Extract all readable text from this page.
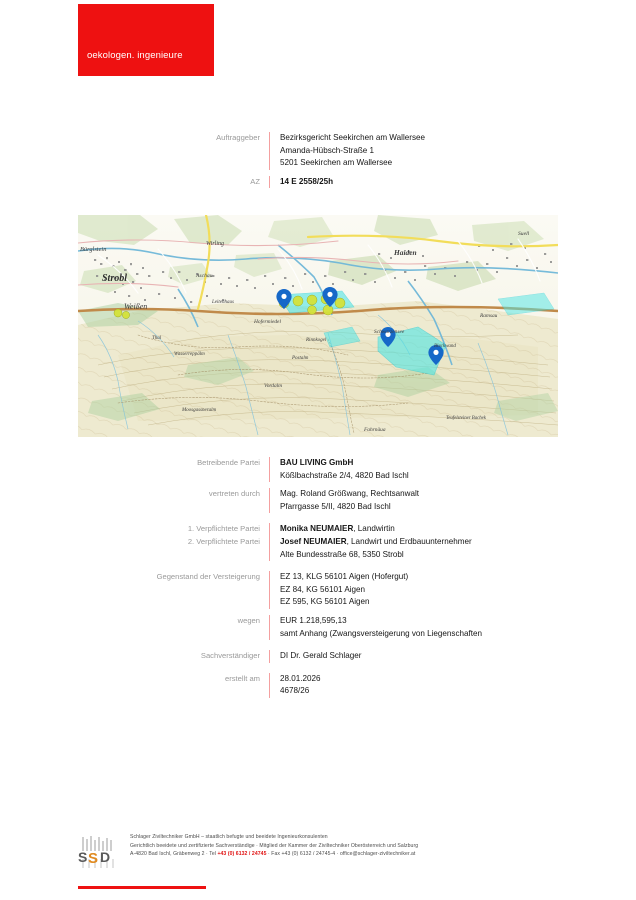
oekologen. ingenieure
Auftraggeber	Bezirksgericht Seekirchen am Wallersee
Amanda-Hübsch-Straße 1
5201 Seekirchen am Wallersee

AZ	14 E 2558/25h
Strobl
Weißen
Bürglstein
Wirling
Haiden
Aschau
Suell
Hofermiedel
Schwarzensee
Vordalm
Rinnkogel
Fahrnäua
Postalm
Bleckwand
Moosgassneralm
Wasserreppälm
Thal
Ramsau
Leitenhaus
Teufelsteiner Bachek
Betreibende Partei	BAU LIVING GmbH
Kößlbachstraße 2/4, 4820 Bad Ischl

vertreten durch	Mag. Roland Größwang, Rechtsanwalt
Pfarrgasse 5/II, 4820 Bad Ischl

1. Verpflichtete Partei	Monika NEUMAIER, Landwirtin

2. Verpflichtete Partei	Josef NEUMAIER, Landwirt und Erdbauunternehmer
Alte Bundesstraße 68, 5350 Strobl

Gegenstand der Versteigerung	EZ 13, KLG 56101 Aigen (Hofergut)
EZ 84, KG 56101 Aigen
EZ 595, KG 56101 Aigen

wegen	EUR 1.218,595,13
samt Anhang (Zwangsversteigerung von Liegenschaften

Sachverständiger	DI Dr. Gerald Schlager

erstellt am	28.01.2026
4678/26
S S D
Schlager Ziviltechniker GmbH – staatlich befugte und beeidete Ingenieurkonsulenten
Gerichtlich beeidete und zertifizierte Sachverständige · Mitglied der Kammer der Ziviltechniker Oberösterreich und Salzburg
A-4820 Bad Ischl, Gräbenweg 2 · Tel +43 (0) 6132 / 24745 · Fax +43 (0) 6132 / 24745-4 · office@schlager-ziviltechniker.at
